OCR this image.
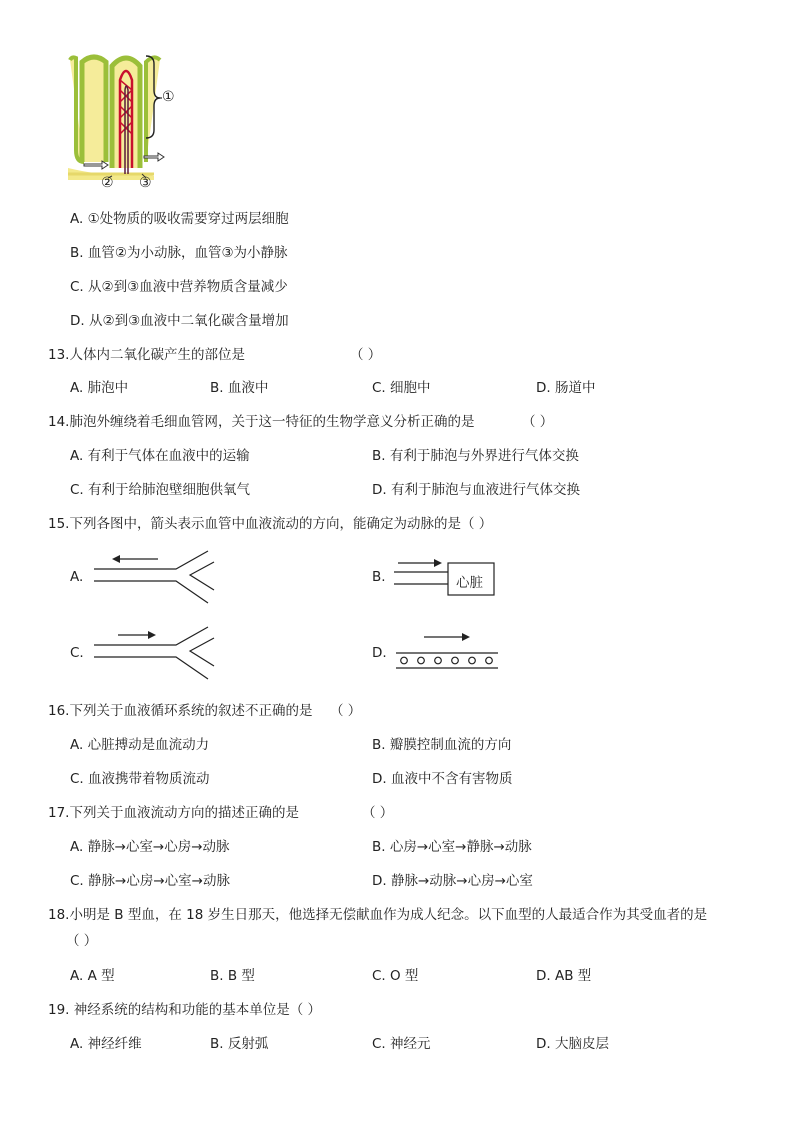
①
② ③
A. ①处物质的吸收需要穿过两层细胞
B. 血管②为小动脉，血管③为小静脉
C. 从②到③血液中营养物质含量减少
D. 从②到③血液中二氧化碳含量增加
13.人体内二氧化碳产生的部位是	（ ）
A. 肺泡中	B. 血液中	C. 细胞中	D. 肠道中
14.肺泡外缠绕着毛细血管网，关于这一特征的生物学意义分析正确的是	（ ）
A. 有利于气体在血液中的运输	B. 有利于肺泡与外界进行气体交换
C. 有利于给肺泡壁细胞供氧气	D. 有利于肺泡与血液进行气体交换
15.下列各图中，箭头表示血管中血液流动的方向，能确定为动脉的是（ ）
A.	B.	心脏
C.	D.
16.下列关于血液循环系统的叙述不正确的是 （ ）
A. 心脏搏动是血流动力	B. 瓣膜控制血流的方向
C. 血液携带着物质流动	D. 血液中不含有害物质
17.下列关于血液流动方向的描述正确的是	（ ）
A. 静脉→心室→心房→动脉	B. 心房→心室→静脉→动脉
C. 静脉→心房→心室→动脉	D. 静脉→动脉→心房→心室
18.小明是 B 型血，在 18 岁生日那天，他选择无偿献血作为成人纪念。以下血型的人最适合作为其受血者的是
（ ）
A. A 型	B. B 型	C. O 型	D. AB 型
19. 神经系统的结构和功能的基本单位是（ ）
A. 神经纤维	B. 反射弧	C. 神经元	D. 大脑皮层
